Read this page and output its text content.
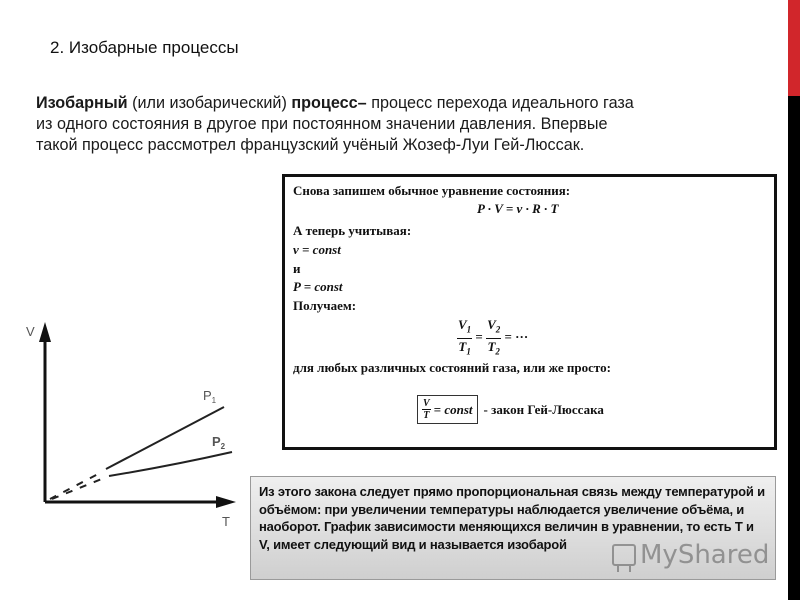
2. Изобарные процессы
Изобарный (или изобарический) процесс– процесс перехода идеального газа
из одного состояния в другое при постоянном значении давления. Впервые
такой процесс рассмотрел французский учёный Жозеф-Луи Гей-Люссак.
Снова запишем обычное уравнение состояния:
P · V = ν · R · T
А теперь учитывая:
ν = const
и
P = const
Получаем:
$\frac{V_1}{T_1} = \frac{V_2}{T_2}$ = ···
для любых различных состояний газа, или же просто:
$\frac{V}{T}$ = const - закон Гей-Люссака
V
T
$P_1$
$P_2$
Из этого закона следует прямо пропорциональная связь между температурой и объёмом: при увеличении температуры наблюдается увеличение объёма, и наоборот. График зависимости меняющихся величин в уравнении, то есть T и V, имеет следующий вид и называется изобарой	MyShared
